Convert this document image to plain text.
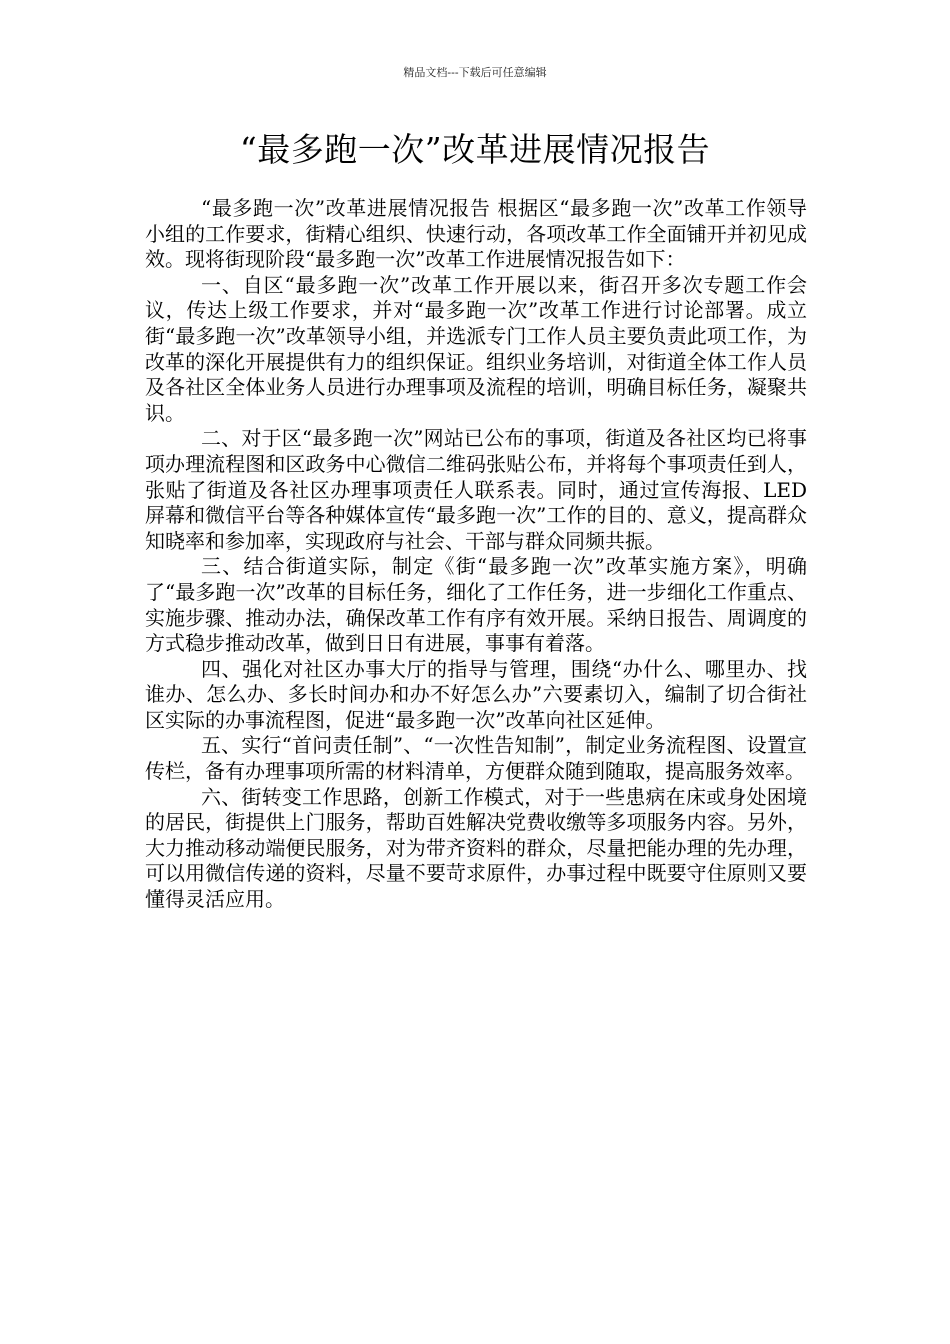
精品文档---下载后可任意编辑
“最多跑一次”改革进展情况报告

“最多跑一次”改革进展情况报告 根据区“最多跑一次”改革工作领导小组的工作要求，街精心组织、快速行动，各项改革工作全面铺开并初见成效。现将街现阶段“最多跑一次”改革工作进展情况报告如下：

一、自区“最多跑一次”改革工作开展以来，街召开多次专题工作会议，传达上级工作要求，并对“最多跑一次”改革工作进行讨论部署。成立街“最多跑一次”改革领导小组，并选派专门工作人员主要负责此项工作，为改革的深化开展提供有力的组织保证。组织业务培训，对街道全体工作人员及各社区全体业务人员进行办理事项及流程的培训，明确目标任务，凝聚共识。

二、对于区“最多跑一次”网站已公布的事项，街道及各社区均已将事项办理流程图和区政务中心微信二维码张贴公布，并将每个事项责任到人，张贴了街道及各社区办理事项责任人联系表。同时，通过宣传海报、LED屏幕和微信平台等各种媒体宣传“最多跑一次”工作的目的、意义，提高群众知晓率和参加率，实现政府与社会、干部与群众同频共振。

三、结合街道实际，制定《街“最多跑一次”改革实施方案》，明确了“最多跑一次”改革的目标任务，细化了工作任务，进一步细化工作重点、实施步骤、推动办法，确保改革工作有序有效开展。采纳日报告、周调度的方式稳步推动改革，做到日日有进展，事事有着落。

四、强化对社区办事大厅的指导与管理，围绕“办什么、哪里办、找谁办、怎么办、多长时间办和办不好怎么办”六要素切入，编制了切合街社区实际的办事流程图，促进“最多跑一次”改革向社区延伸。

五、实行“首问责任制”、“一次性告知制”，制定业务流程图、设置宣传栏，备有办理事项所需的材料清单，方便群众随到随取，提高服务效率。

六、街转变工作思路，创新工作模式，对于一些患病在床或身处困境的居民，街提供上门服务，帮助百姓解决党费收缴等多项服务内容。另外，大力推动移动端便民服务，对为带齐资料的群众，尽量把能办理的先办理，可以用微信传递的资料，尽量不要苛求原件，办事过程中既要守住原则又要懂得灵活应用。
